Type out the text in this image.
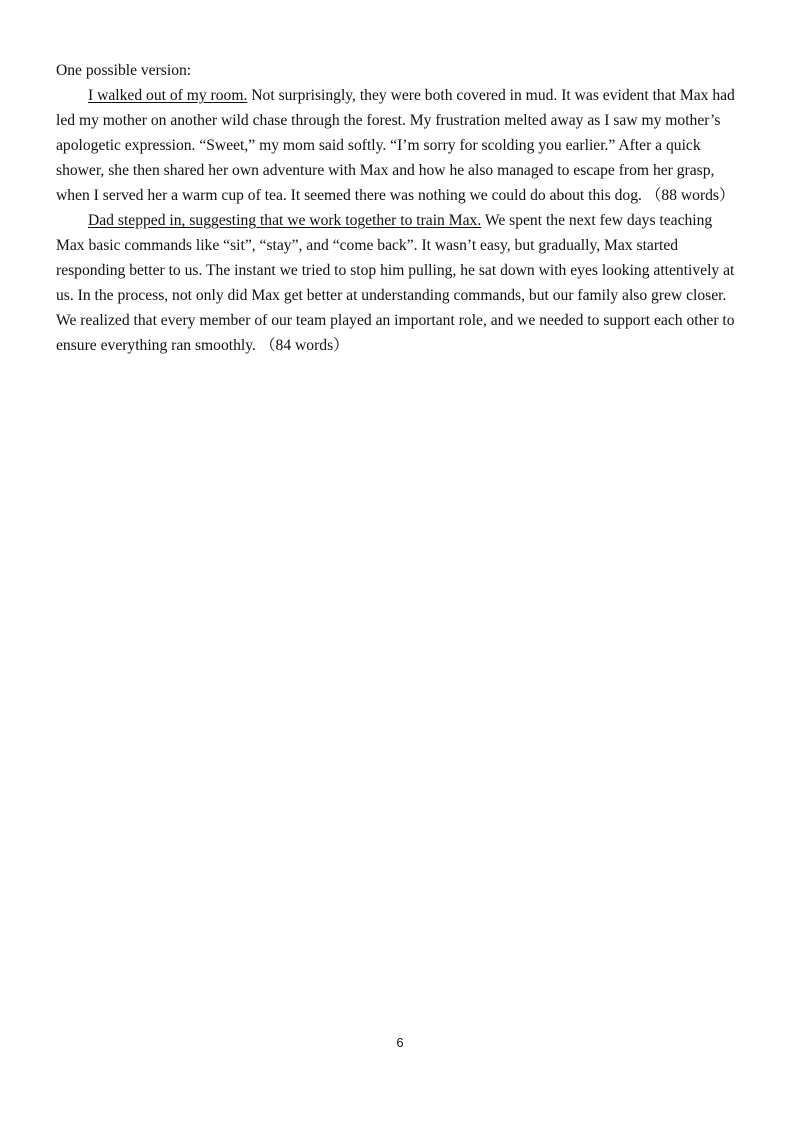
One possible version:

I walked out of my room. Not surprisingly, they were both covered in mud. It was evident that Max had led my mother on another wild chase through the forest. My frustration melted away as I saw my mother’s apologetic expression. “Sweet,” my mom said softly. “I’m sorry for scolding you earlier.” After a quick shower, she then shared her own adventure with Max and how he also managed to escape from her grasp, when I served her a warm cup of tea. It seemed there was nothing we could do about this dog. （88 words）

Dad stepped in, suggesting that we work together to train Max. We spent the next few days teaching Max basic commands like “sit”, “stay”, and “come back”. It wasn’t easy, but gradually, Max started responding better to us. The instant we tried to stop him pulling, he sat down with eyes looking attentively at us. In the process, not only did Max get better at understanding commands, but our family also grew closer. We realized that every member of our team played an important role, and we needed to support each other to ensure everything ran smoothly. （84 words）

6
